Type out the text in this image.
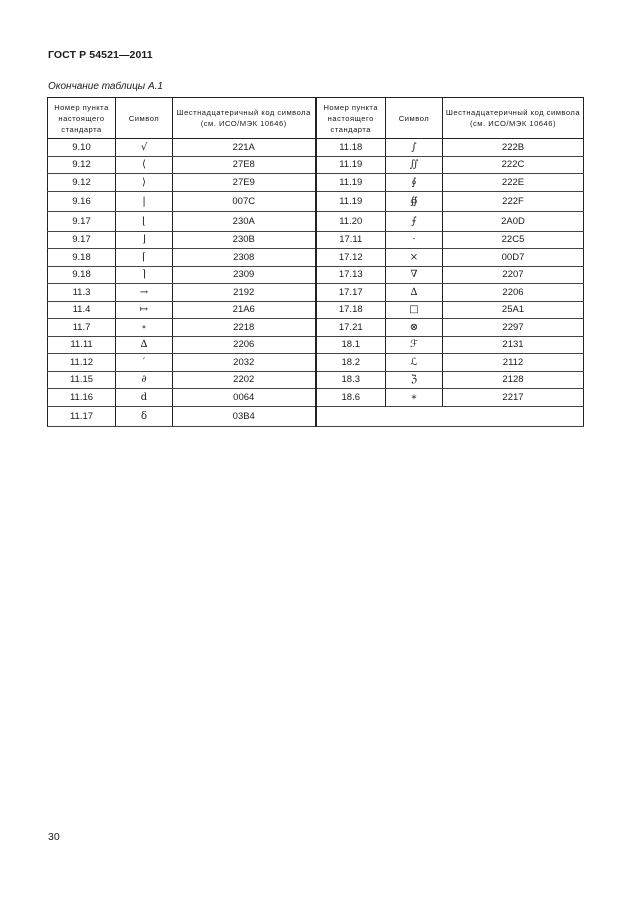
ГОСТ Р 54521—2011
Окончание таблицы А.1
Номер пункта настоящего стандарта	Символ	Шестнадцатеричный код символа (см. ИСО/МЭК 10646)	Номер пункта настоящего стандарта	Символ	Шестнадцатеричный код символа (см. ИСО/МЭК 10646)
9.10	√	221A	11.18	∫	222B
9.12	⟨	27E8	11.19	∬	222C
9.12	⟩	27E9	11.19	∮	222E
9.16	|	007C	11.19	∯	222F
9.17	⌊	230A	11.20	⨍	2A0D
9.17	⌋	230B	17.11	⋅	22C5
9.18	⌈	2308	17.12	×	00D7
9.18	⌉	2309	17.13	∇	2207
11.3	→	2192	17.17	∆	2206
11.4	↦	21A6	17.18	□	25A1
11.7	∘	2218	17.21	⊗	2297
11.11	∆	2206	18.1	ℱ	2131
11.12	′	2032	18.2	ℒ	2112
11.15	∂	2202	18.3	ℨ	2128
11.16	d	0064	18.6	∗	2217
11.17	δ	03B4			
30
